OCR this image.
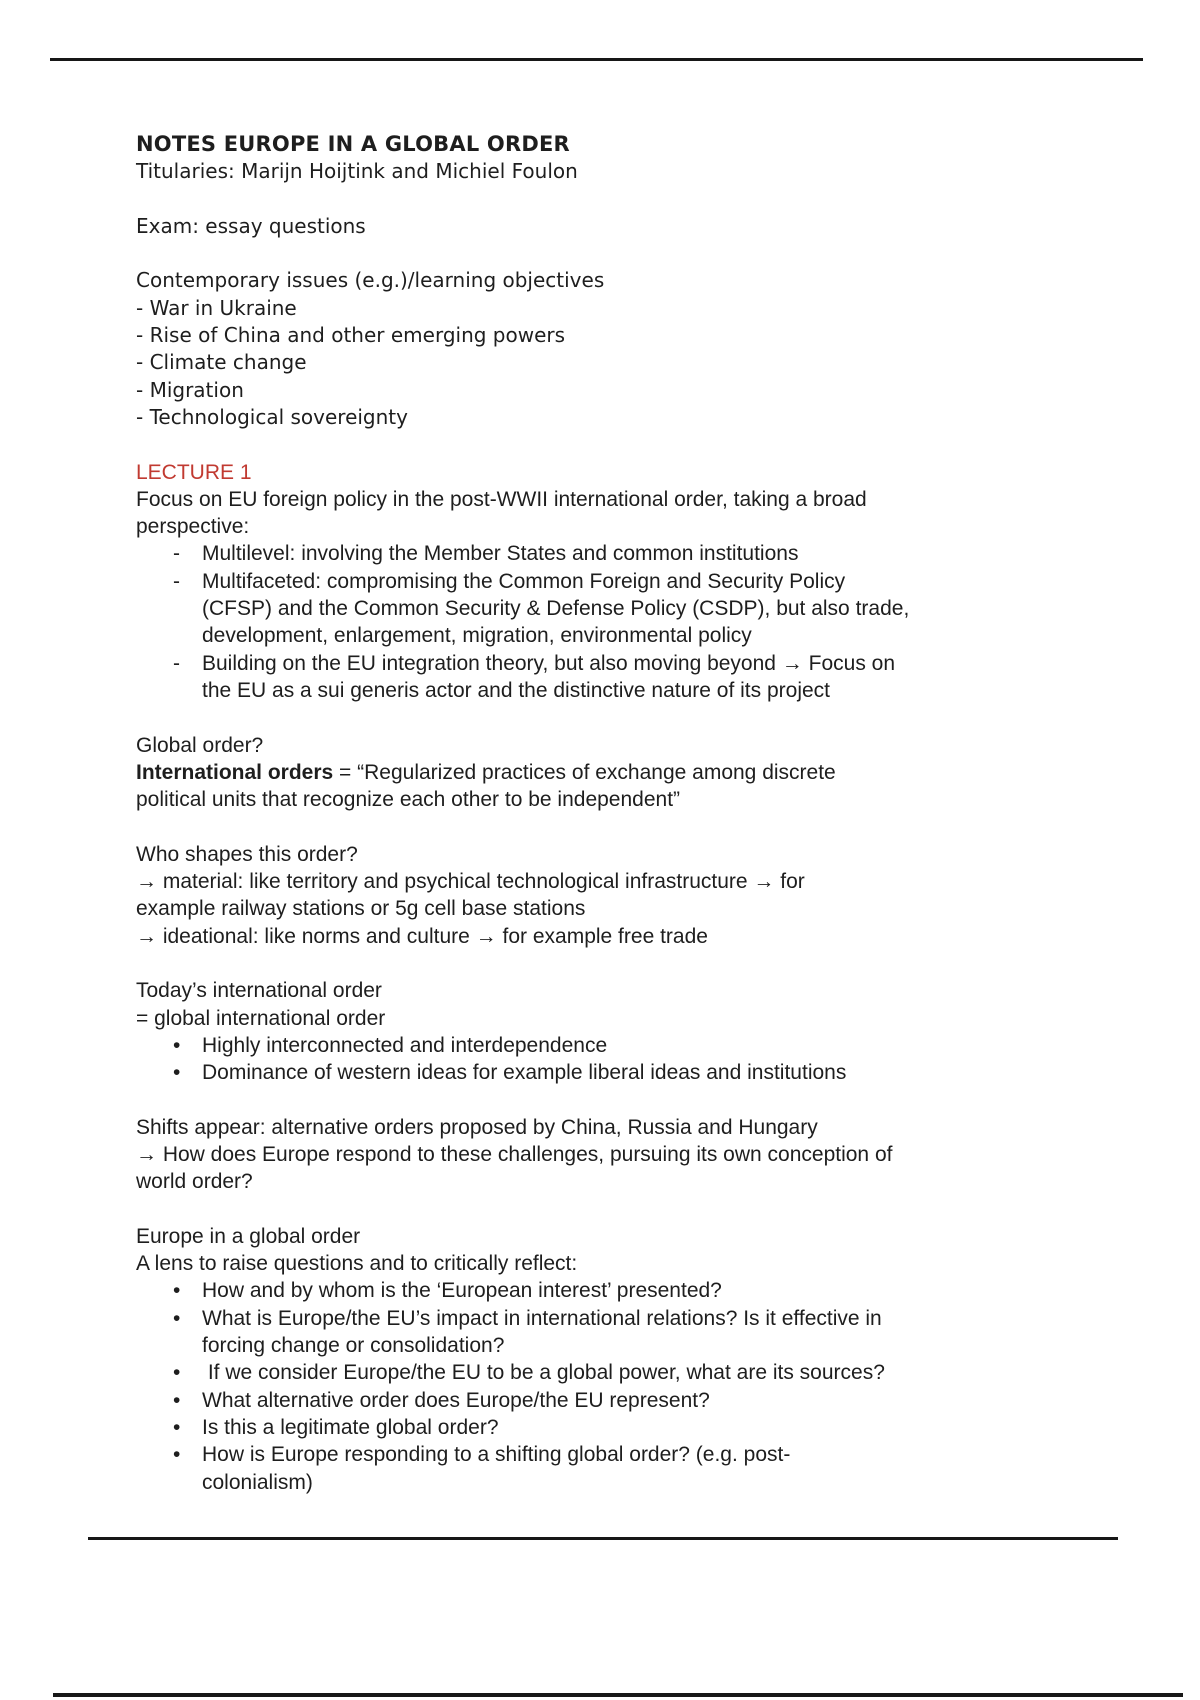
NOTES EUROPE IN A GLOBAL ORDER
Titularies: Marijn Hoijtink and Michiel Foulon
Exam: essay questions
Contemporary issues (e.g.)/learning objectives
- War in Ukraine
- Rise of China and other emerging powers
- Climate change
- Migration
- Technological sovereignty
LECTURE 1
Focus on EU foreign policy in the post-WWII international order, taking a broad
perspective:
- Multilevel: involving the Member States and common institutions
- Multifaceted: compromising the Common Foreign and Security Policy
(CFSP) and the Common Security & Defense Policy (CSDP), but also trade,
development, enlargement, migration, environmental policy
- Building on the EU integration theory, but also moving beyond → Focus on
the EU as a sui generis actor and the distinctive nature of its project
Global order?
International orders = “Regularized practices of exchange among discrete
political units that recognize each other to be independent”
Who shapes this order?
→ material: like territory and psychical technological infrastructure → for
example railway stations or 5g cell base stations
→ ideational: like norms and culture → for example free trade
Today’s international order
= global international order
• Highly interconnected and interdependence
• Dominance of western ideas for example liberal ideas and institutions
Shifts appear: alternative orders proposed by China, Russia and Hungary
→ How does Europe respond to these challenges, pursuing its own conception of
world order?
Europe in a global order
A lens to raise questions and to critically reflect:
• How and by whom is the ‘European interest’ presented?
• What is Europe/the EU’s impact in international relations? Is it effective in
forcing change or consolidation?
• If we consider Europe/the EU to be a global power, what are its sources?
• What alternative order does Europe/the EU represent?
• Is this a legitimate global order?
• How is Europe responding to a shifting global order? (e.g. post-
colonialism)
